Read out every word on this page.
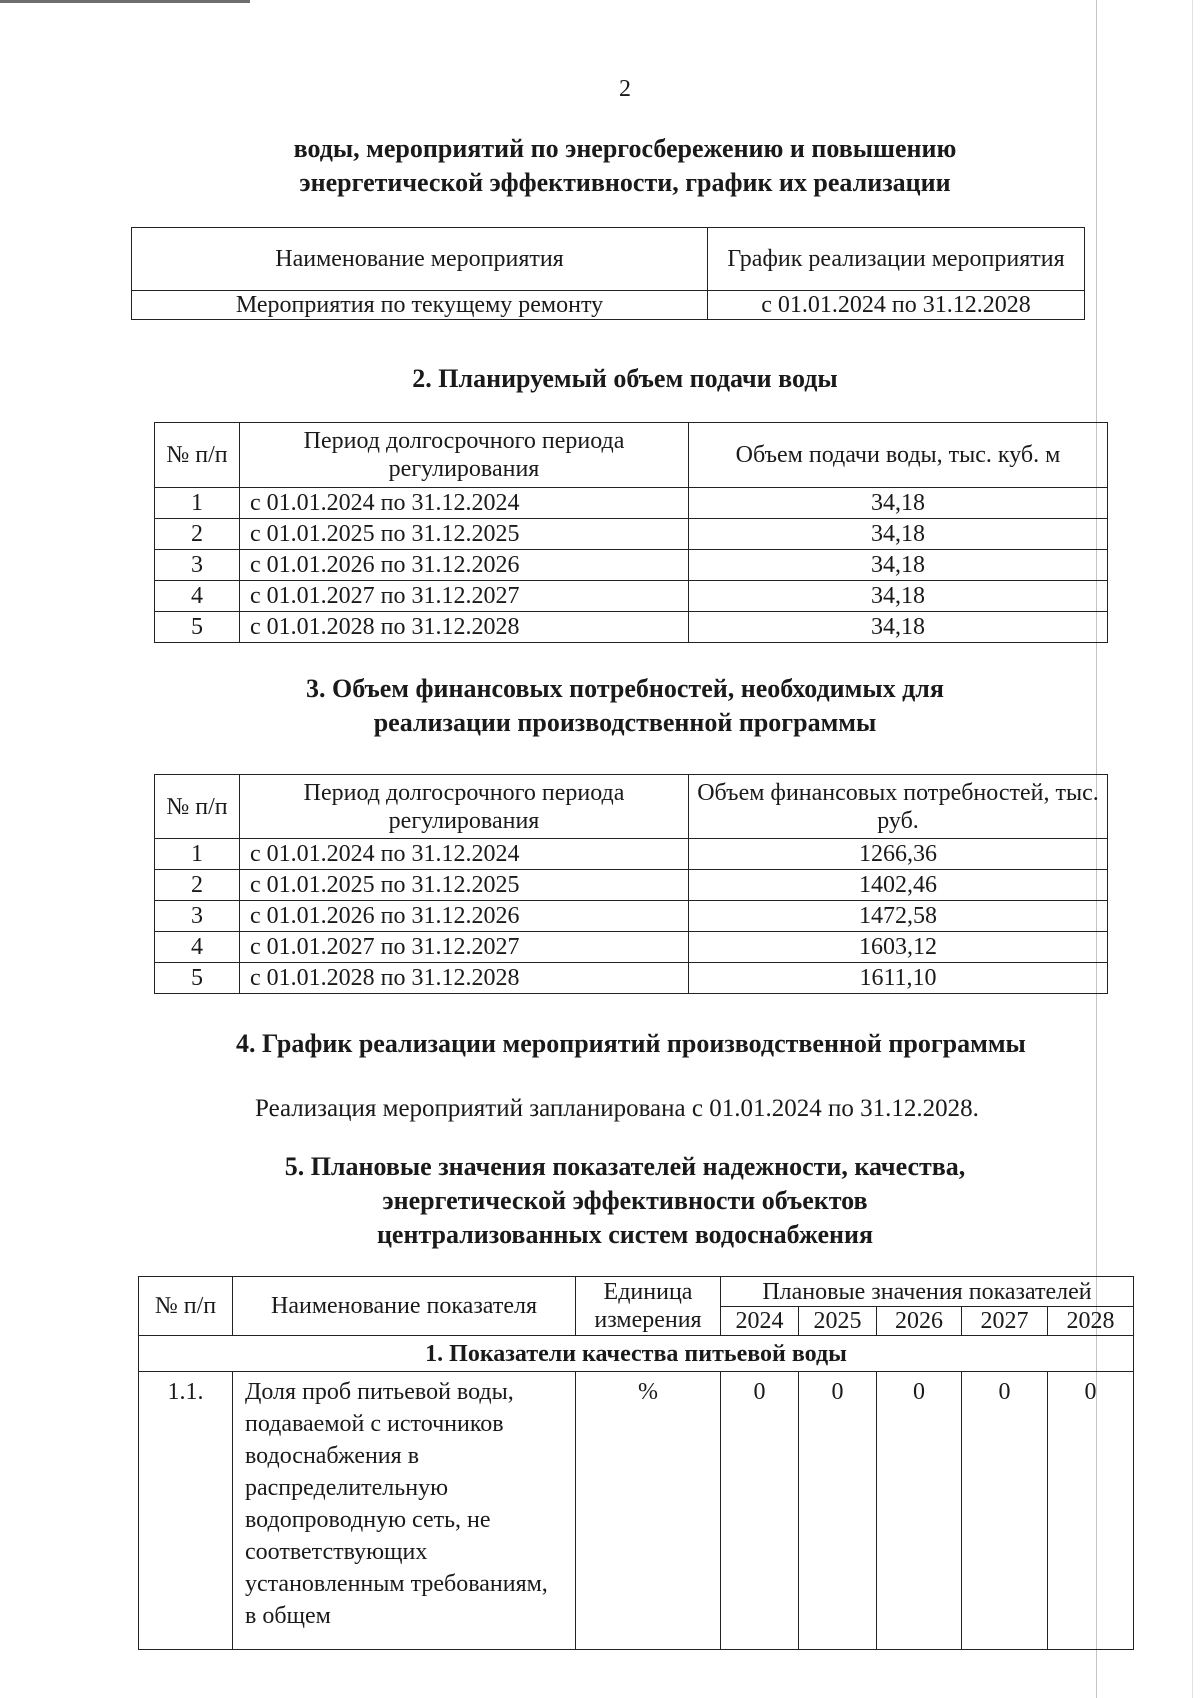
2
воды, мероприятий по энергосбережению и повышению
энергетической эффективности, график их реализации
Наименование мероприятия	График реализации мероприятия
Мероприятия по текущему ремонту	с 01.01.2024 по 31.12.2028
2. Планируемый объем подачи воды
№ п/п	Период долгосрочного периода регулирования	Объем подачи воды, тыс. куб. м
1	с 01.01.2024 по 31.12.2024	34,18
2	с 01.01.2025 по 31.12.2025	34,18
3	с 01.01.2026 по 31.12.2026	34,18
4	с 01.01.2027 по 31.12.2027	34,18
5	с 01.01.2028 по 31.12.2028	34,18
3. Объем финансовых потребностей, необходимых для
реализации производственной программы
№ п/п	Период долгосрочного периода регулирования	Объем финансовых потребностей, тыс. руб.
1	с 01.01.2024 по 31.12.2024	1266,36
2	с 01.01.2025 по 31.12.2025	1402,46
3	с 01.01.2026 по 31.12.2026	1472,58
4	с 01.01.2027 по 31.12.2027	1603,12
5	с 01.01.2028 по 31.12.2028	1611,10
4. График реализации мероприятий производственной программы
Реализация мероприятий запланирована с 01.01.2024 по 31.12.2028.
5. Плановые значения показателей надежности, качества,
энергетической эффективности объектов
централизованных систем водоснабжения
№ п/п	Наименование показателя	Единица измерения	Плановые значения показателей				
			2024	2025	2026	2027	2028
1. Показатели качества питьевой воды							
1.1.	Доля проб питьевой воды, подаваемой с источников водоснабжения в распределительную водопроводную сеть, не соответствующих установленным требованиям, в общем	%	0	0	0	0	0
